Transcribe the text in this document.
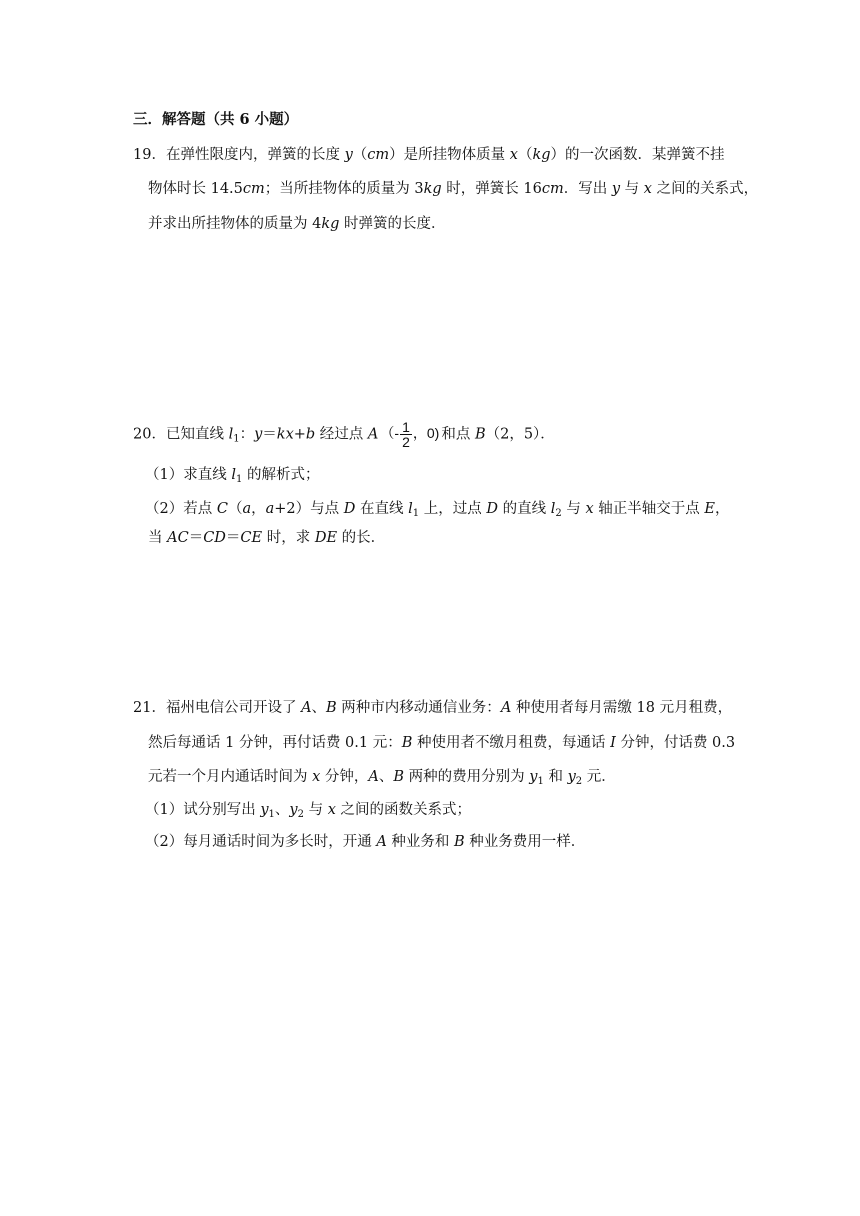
三．解答题（共 6 小题）
19．在弹性限度内，弹簧的长度 y（cm）是所挂物体质量 x（kg）的一次函数．某弹簧不挂
物体时长 14.5cm；当所挂物体的质量为 3kg 时，弹簧长 16cm．写出 y 与 x 之间的关系式，
并求出所挂物体的质量为 4kg 时弹簧的长度．
20．已知直线 $l_1$：y＝kx+b 经过点 A （- $\frac{1}{2}$ ，0) 和点 B（2，5）．
（1）求直线 $l_1$ 的解析式；
（2）若点 C（a，a+2）与点 D 在直线 $l_1$ 上，过点 D 的直线 $l_2$ 与 x 轴正半轴交于点 E，
当 AC＝CD＝CE 时，求 DE 的长．
21．福州电信公司开设了 A、B 两种市内移动通信业务：A 种使用者每月需缴 18 元月租费，
然后每通话 1 分钟，再付话费 0.1 元：B 种使用者不缴月租费，每通话 I 分钟，付话费 0.3
元若一个月内通话时间为 x 分钟，A、B 两种的费用分别为 $y_1$ 和 $y_2$ 元．
（1）试分别写出 $y_1$、$y_2$ 与 x 之间的函数关系式；
（2）每月通话时间为多长时，开通 A 种业务和 B 种业务费用一样．
